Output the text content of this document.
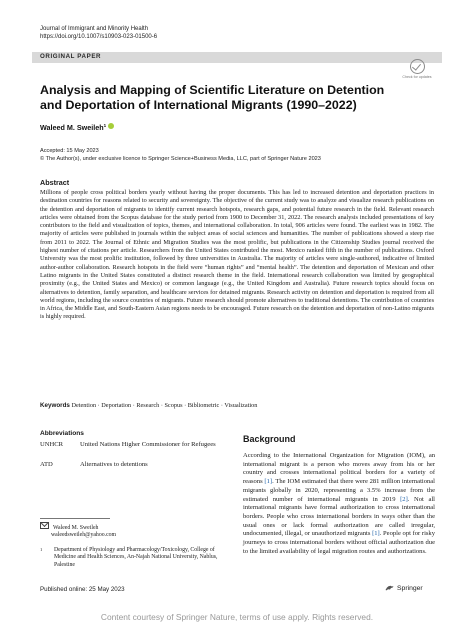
Journal of Immigrant and Minority Health
https://doi.org/10.1007/s10903-023-01500-6
ORIGINAL PAPER
Check for updates
Analysis and Mapping of Scientific Literature on Detention and Deportation of International Migrants (1990–2022)
Waleed M. Sweileh$^1$
Accepted: 15 May 2023
© The Author(s), under exclusive licence to Springer Science+Business Media, LLC, part of Springer Nature 2023
Abstract
Millions of people cross political borders yearly without having the proper documents. This has led to increased detention and deportation practices in destination countries for reasons related to security and sovereignty. The objective of the current study was to analyze and visualize research publications on the detention and deportation of migrants to identify current research hotspots, research gaps, and potential future research in the field. Relevant research articles were obtained from the Scopus database for the study period from 1900 to December 31, 2022. The research analysis included presentations of key contributors to the field and visualization of topics, themes, and international collaboration. In total, 906 articles were found. The earliest was in 1982. The majority of articles were published in journals within the subject areas of social sciences and humanities. The number of publications showed a steep rise from 2011 to 2022. The Journal of Ethnic and Migration Studies was the most prolific, but publications in the Citizenship Studies journal received the highest number of citations per article. Researchers from the United States contributed the most. Mexico ranked fifth in the number of publications. Oxford University was the most prolific institution, followed by three universities in Australia. The majority of articles were single-authored, indicative of limited author-author collaboration. Research hotspots in the field were “human rights” and “mental health”. The detention and deportation of Mexican and other Latino migrants in the United States constituted a distinct research theme in the field. International research collaboration was limited by geographical proximity (e.g., the United States and Mexico) or common language (e.g., the United Kingdom and Australia). Future research topics should focus on alternatives to detention, family separation, and healthcare services for detained migrants. Research activity on detention and deportation is required from all world regions, including the source countries of migrants. Future research should promote alternatives to traditional detentions. The contribution of countries in Africa, the Middle East, and South-Eastern Asian regions needs to be encouraged. Future research on the detention and deportation of non-Latino migrants is highly required.
Keywords Detention · Deportation · Research · Scopus · Bibliometric · Visualization
Abbreviations
UNHCR	United Nations Higher Commissioner for Refugees
ATD	Alternatives to detentions
Background
According to the International Organization for Migration (IOM), an international migrant is a person who moves away from his or her country and crosses international political borders for a variety of reasons [1]. The IOM estimated that there were 281 million international migrants globally in 2020, representing a 3.5% increase from the estimated number of international migrants in 2019 [2]. Not all international migrants have formal authorization to cross international borders. People who cross international borders in ways other than the usual ones or lack formal authorization are called irregular, undocumented, illegal, or unauthorized migrants [1]. People opt for risky journeys to cross international borders without official authorization due to the limited availability of legal migration routes and authorizations.
Waleed M. Sweileh
waleedsweileh@yahoo.com
1 Department of Physiology and Pharmacology/Toxicology, College of Medicine and Health Sciences, An-Najah National University, Nablus, Palestine
Published online: 25 May 2023	Springer
Content courtesy of Springer Nature, terms of use apply. Rights reserved.
